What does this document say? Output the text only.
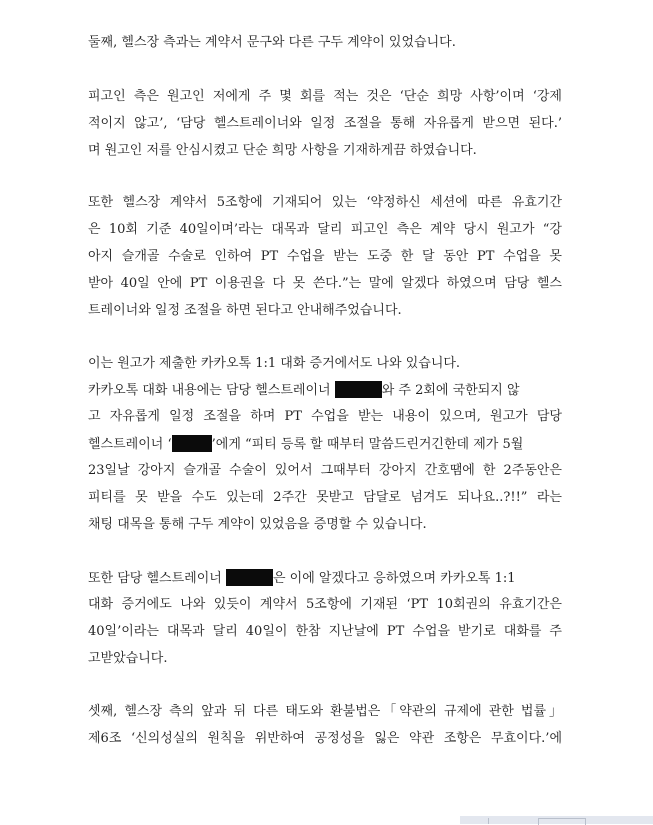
둘째, 헬스장 측과는 계약서 문구와 다른 구두 계약이 있었습니다.
피고인 측은 원고인 저에게 주 몇 회를 적는 것은 ‘단순 희망 사항’이며 ‘강제
적이지 않고’, ‘담당 헬스트레이너와 일정 조절을 통해 자유롭게 받으면 된다.’
며 원고인 저를 안심시켰고 단순 희망 사항을 기재하게끔 하였습니다.
또한 헬스장 계약서 5조항에 기재되어 있는 ‘약정하신 세션에 따른 유효기간
은 10회 기준 40일이며’라는 대목과 달리 피고인 측은 계약 당시 원고가 “강
아지 슬개골 수술로 인하여 PT 수업을 받는 도중 한 달 동안 PT 수업을 못
받아 40일 안에 PT 이용권을 다 못 쓴다.”는 말에 알겠다 하였으며 담당 헬스
트레이너와 일정 조절을 하면 된다고 안내해주었습니다.
이는 원고가 제출한 카카오톡 1:1 대화 증거에서도 나와 있습니다.
카카오톡 대화 내용에는 담당 헬스트레이너	와 주 2회에 국한되지 않
고 자유롭게 일정 조절을 하며 PT 수업을 받는 내용이 있으며, 원고가 담당
헬스트레이너 ‘	’에게 “피티 등록 할 때부터 말씀드린거긴한데 제가 5월
23일날 강아지 슬개골 수술이 있어서 그때부터 강아지 간호땜에 한 2주동안은
피티를 못 받을 수도 있는데 2주간 못받고 담달로 넘겨도 되나요..?!!” 라는
채팅 대목을 통해 구두 계약이 있었음을 증명할 수 있습니다.
또한 담당 헬스트레이너	은 이에 알겠다고 응하였으며 카카오톡 1:1
대화 증거에도 나와 있듯이 계약서 5조항에 기재된 ‘PT 10회권의 유효기간은
40일’이라는 대목과 달리 40일이 한참 지난날에 PT 수업을 받기로 대화를 주
고받았습니다.
셋째, 헬스장 측의 앞과 뒤 다른 태도와 환불법은「약관의 규제에 관한 법률」
제6조 ‘신의성실의 원칙을 위반하여 공정성을 잃은 약관 조항은 무효이다.’에
